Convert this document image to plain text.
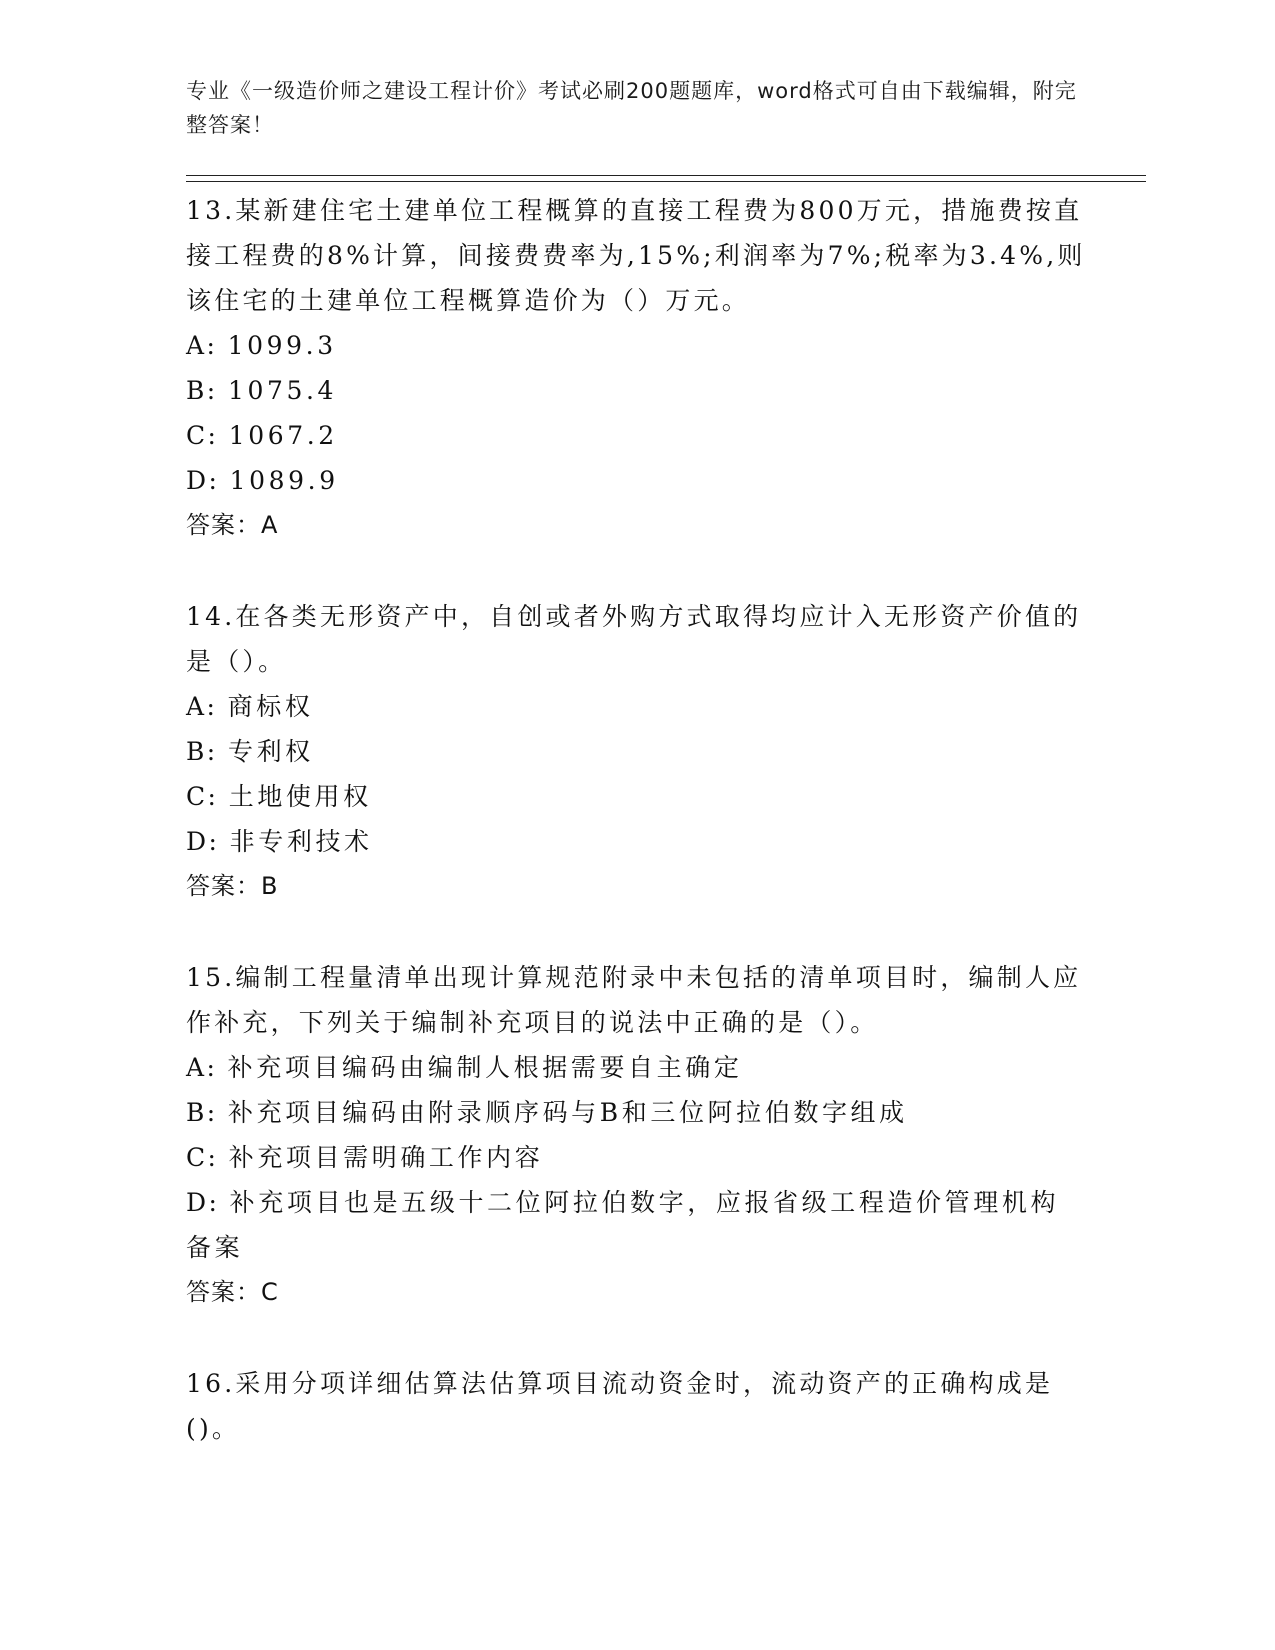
专业《一级造价师之建设工程计价》考试必刷200题题库，word格式可自由下载编辑，附完整答案！
13.某新建住宅土建单位工程概算的直接工程费为800万元，措施费按直接工程费的8%计算，间接费费率为,15%;利润率为7%;税率为3.4%,则该住宅的土建单位工程概算造价为（）万元。
A: 1099.3
B: 1075.4
C: 1067.2
D: 1089.9
答案：A
14.在各类无形资产中，自创或者外购方式取得均应计入无形资产价值的是（）。
A: 商标权
B: 专利权
C: 土地使用权
D: 非专利技术
答案：B
15.编制工程量清单出现计算规范附录中未包括的清单项目时，编制人应作补充，下列关于编制补充项目的说法中正确的是（）。
A: 补充项目编码由编制人根据需要自主确定
B: 补充项目编码由附录顺序码与B和三位阿拉伯数字组成
C: 补充项目需明确工作内容
D: 补充项目也是五级十二位阿拉伯数字，应报省级工程造价管理机构备案
答案：C
16.采用分项详细估算法估算项目流动资金时，流动资产的正确构成是()。
